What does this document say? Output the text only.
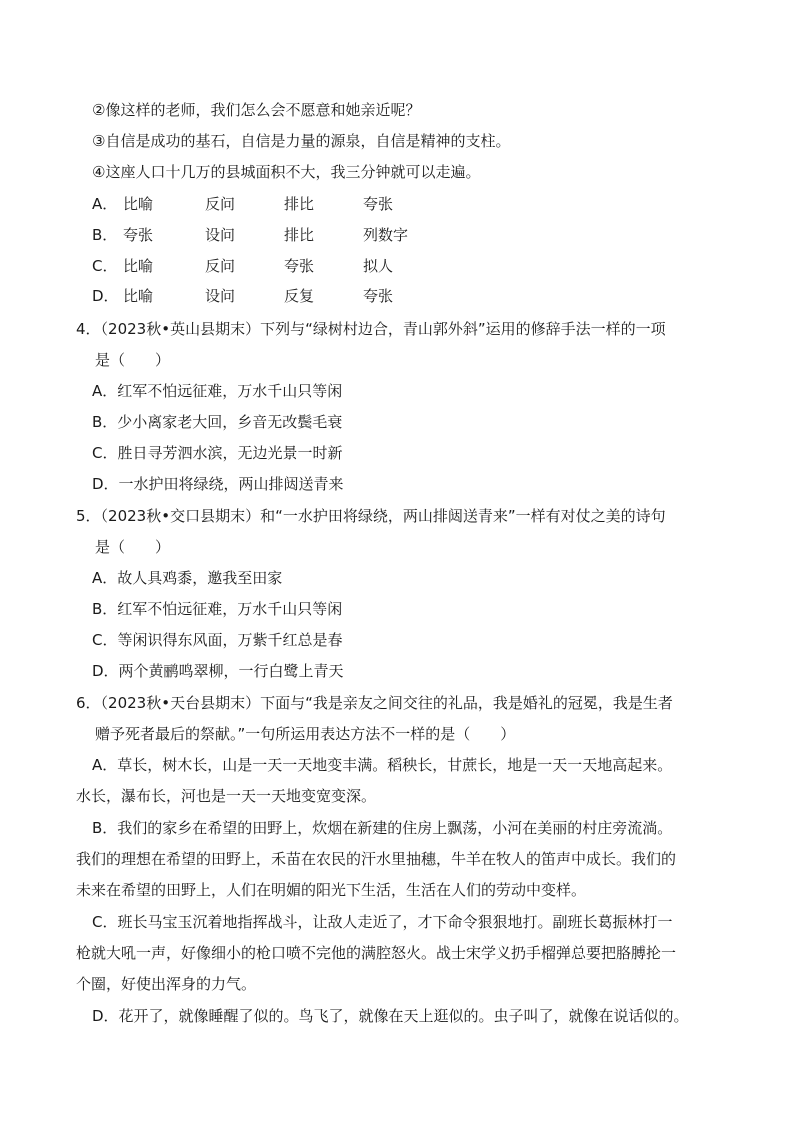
②像这样的老师，我们怎么会不愿意和她亲近呢？
③自信是成功的基石，自信是力量的源泉，自信是精神的支柱。
④这座人口十几万的县城面积不大，我三分钟就可以走遍。
A． 比喻	反问	排比	夸张
B． 夸张	设问	排比	列数字
C． 比喻	反问	夸张	拟人
D． 比喻	设问	反复	夸张
4．（2023秋•英山县期末）下列与“绿树村边合，青山郭外斜”运用的修辞手法一样的一项
是（　　）
A．红军不怕远征难，万水千山只等闲
B．少小离家老大回，乡音无改鬓毛衰
C．胜日寻芳泗水滨，无边光景一时新
D．一水护田将绿绕，两山排闼送青来
5．（2023秋•交口县期末）和“一水护田将绿绕，两山排闼送青来”一样有对仗之美的诗句
是（　　）
A．故人具鸡黍，邀我至田家
B．红军不怕远征难，万水千山只等闲
C．等闲识得东风面，万紫千红总是春
D．两个黄鹂鸣翠柳，一行白鹭上青天
6．（2023秋•天台县期末）下面与“我是亲友之间交往的礼品，我是婚礼的冠冕，我是生者
赠予死者最后的祭献。”一句所运用表达方法不一样的是（　　）
A．草长，树木长，山是一天一天地变丰满。稻秧长，甘蔗长，地是一天一天地高起来。
水长，瀑布长，河也是一天一天地变宽变深。
B．我们的家乡在希望的田野上，炊烟在新建的住房上飘荡，小河在美丽的村庄旁流淌。
我们的理想在希望的田野上，禾苗在农民的汗水里抽穗，牛羊在牧人的笛声中成长。我们的
未来在希望的田野上，人们在明媚的阳光下生活，生活在人们的劳动中变样。
C．班长马宝玉沉着地指挥战斗，让敌人走近了，才下命令狠狠地打。副班长葛振林打一
枪就大吼一声，好像细小的枪口喷不完他的满腔怒火。战士宋学义扔手榴弹总要把胳膊抡一
个圈，好使出浑身的力气。
D．花开了，就像睡醒了似的。鸟飞了，就像在天上逛似的。虫子叫了，就像在说话似的。
